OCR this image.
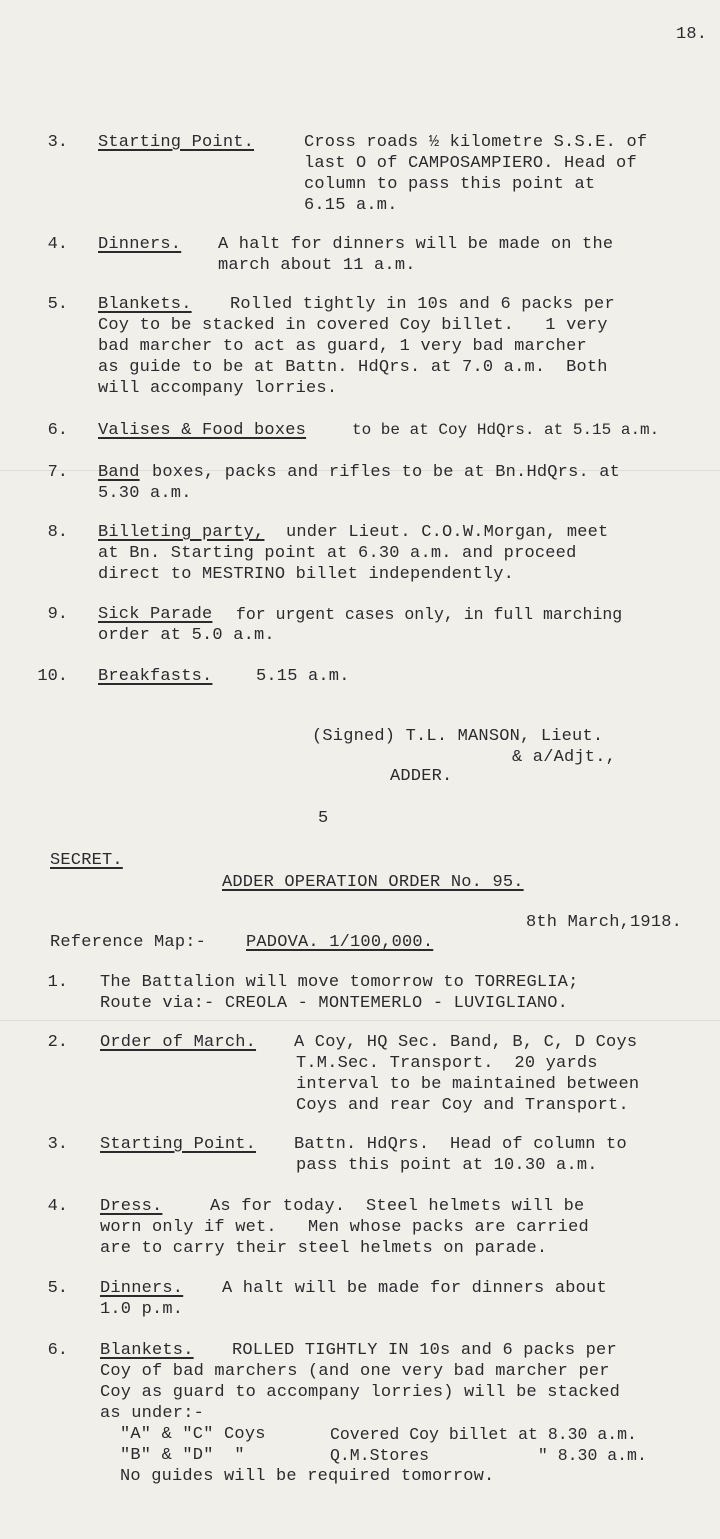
18.
3. Starting Point.	Cross roads ½ kilometre S.S.E. of
last O of CAMPOSAMPIERO. Head of
column to pass this point at
6.15 a.m.
4. Dinners. A halt for dinners will be made on the
march about 11 a.m.
5. Blankets. Rolled tightly in 10s and 6 packs per
Coy to be stacked in covered Coy billet.   1 very
bad marcher to act as guard, 1 very bad marcher
as guide to be at Battn. HdQrs. at 7.0 a.m.  Both
will accompany lorries.
6. Valises & Food boxes	to be at Coy HdQrs. at 5.15 a.m.
7. Band boxes, packs and rifles to be at Bn.HdQrs. at
5.30 a.m.
8. Billeting party, under Lieut. C.O.W.Morgan, meet
at Bn. Starting point at 6.30 a.m. and proceed
direct to MESTRINO billet independently.
9. Sick Parade for urgent cases only, in full marching
order at 5.0 a.m.
10. Breakfasts.	5.15 a.m.
(Signed) T.L. MANSON, Lieut.
& a/Adjt.,
ADDER.
5
SECRET.
ADDER OPERATION ORDER No. 95.
8th March,1918.
Reference Map:- PADOVA. 1/100,000.
1. The Battalion will move tomorrow to TORREGLIA;
Route via:- CREOLA - MONTEMERLO - LUVIGLIANO.
2. Order of March. A Coy, HQ Sec. Band, B, C, D Coys
T.M.Sec. Transport.  20 yards
interval to be maintained between
Coys and rear Coy and Transport.
3. Starting Point. Battn. HdQrs.  Head of column to
pass this point at 10.30 a.m.
4. Dress.	As for today.  Steel helmets will be
worn only if wet.   Men whose packs are carried
are to carry their steel helmets on parade.
5. Dinners. A halt will be made for dinners about
1.0 p.m.
6. Blankets. ROLLED TIGHTLY IN 10s and 6 packs per
Coy of bad marchers (and one very bad marcher per
Coy as guard to accompany lorries) will be stacked
as under:-
"A" & "C" Coys	Covered Coy billet at 8.30 a.m.
"B" & "D"  "	Q.M.Stores           " 8.30 a.m.
No guides will be required tomorrow.
